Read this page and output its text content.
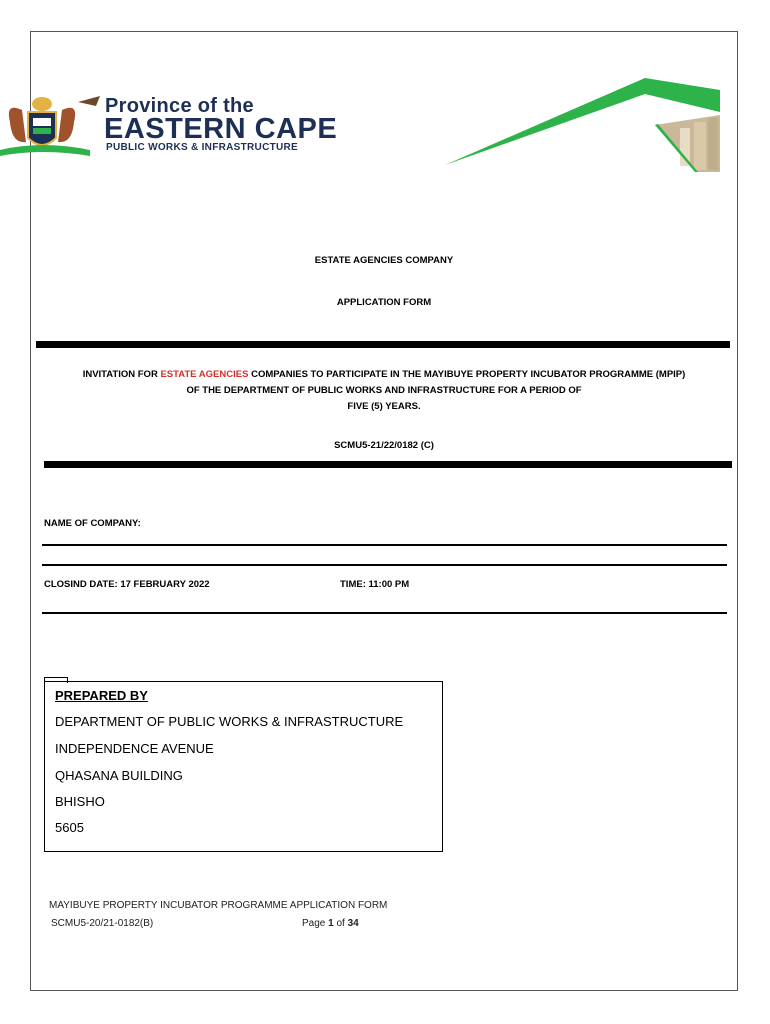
Province of the
EASTERN CAPE
PUBLIC WORKS & INFRASTRUCTURE
ESTATE AGENCIES COMPANY
APPLICATION FORM
INVITATION FOR ESTATE AGENCIES COMPANIES TO PARTICIPATE IN THE MAYIBUYE PROPERTY INCUBATOR PROGRAMME (MPIP)
OF THE DEPARTMENT OF PUBLIC WORKS AND INFRASTRUCTURE FOR A PERIOD OF
FIVE (5) YEARS.
SCMU5-21/22/0182 (C)
NAME OF COMPANY:
CLOSIND DATE: 17 FEBRUARY 2022	TIME: 11:00 PM
PREPARED BY
DEPARTMENT OF PUBLIC WORKS & INFRASTRUCTURE
INDEPENDENCE AVENUE
QHASANA BUILDING
BHISHO
5605
MAYIBUYE PROPERTY INCUBATOR PROGRAMME APPLICATION FORM
SCMU5-20/21-0182(B)	Page 1 of 34
